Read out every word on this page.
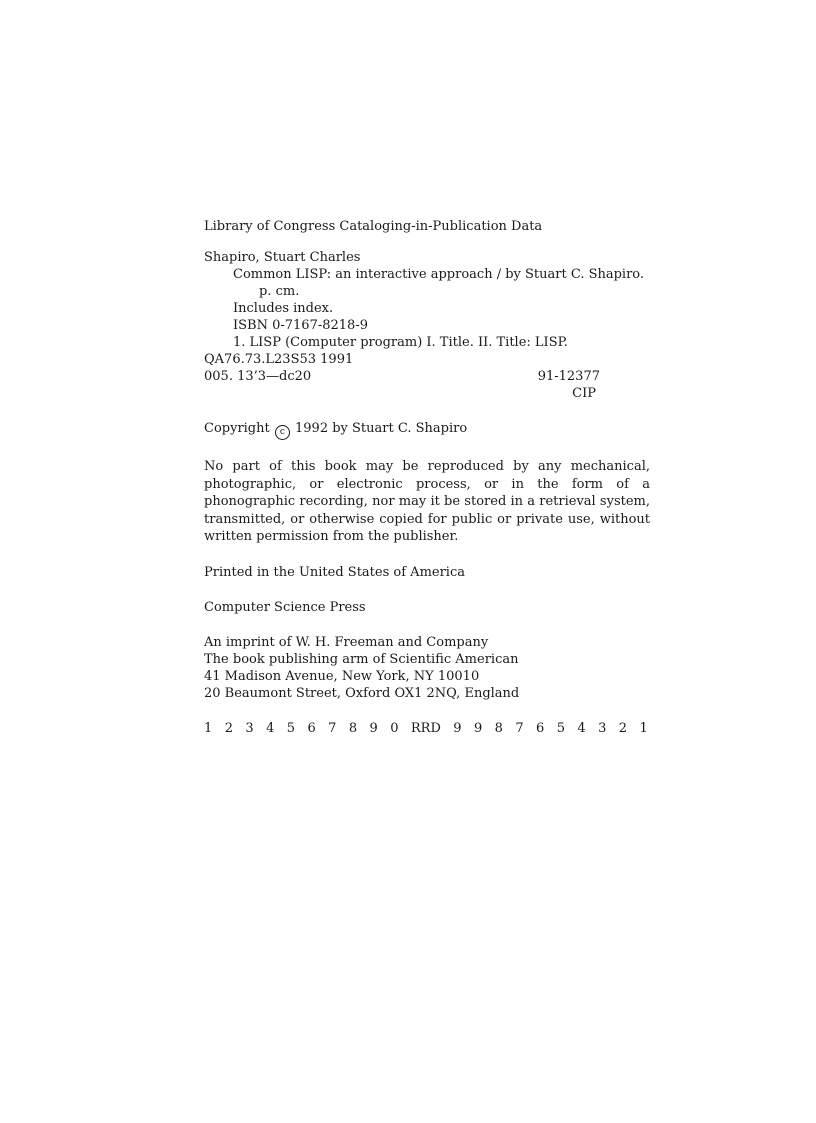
Library of Congress Cataloging-in-Publication Data
Shapiro, Stuart Charles
Common LISP: an interactive approach / by Stuart C. Shapiro.
p. cm.
Includes index.
ISBN 0-7167-8218-9
1. LISP (Computer program) I. Title. II. Title: LISP.
QA76.73.L23S53 1991
005. 13’3—dc20	91-12377
CIP
Copyright c 1992 by Stuart C. Shapiro
No part of this book may be reproduced by any mechanical, photographic, or electronic process, or in the form of a phonographic recording, nor may it be stored in a retrieval system, transmitted, or otherwise copied for public or private use, without written permission from the publisher.
Printed in the United States of America
Computer Science Press
An imprint of W. H. Freeman and Company
The book publishing arm of Scientific American
41 Madison Avenue, New York, NY 10010
20 Beaumont Street, Oxford OX1 2NQ, England
1 2 3 4 5 6 7 8 9 0 RRD 9 9 8 7 6 5 4 3 2 1
